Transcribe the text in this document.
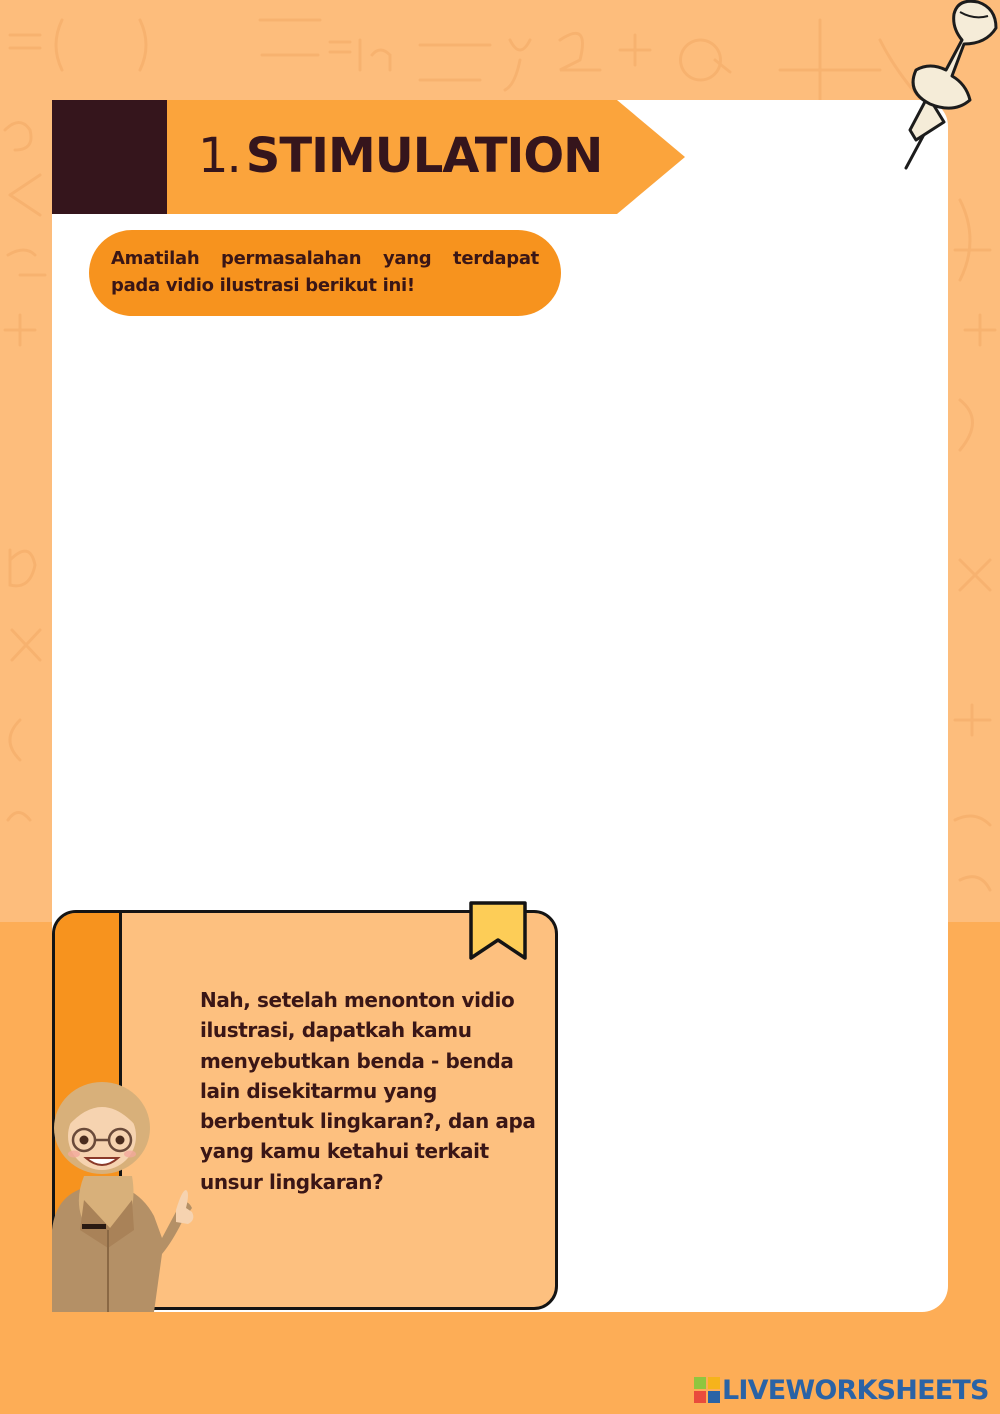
1. STIMULATION
Amatilah permasalahan yang terdapat pada vidio ilustrasi berikut ini!
Nah, setelah menonton vidio ilustrasi, dapatkah kamu menyebutkan benda - benda lain disekitarmu yang berbentuk lingkaran?, dan apa yang kamu ketahui terkait unsur lingkaran?
LIVEWORKSHEETS
